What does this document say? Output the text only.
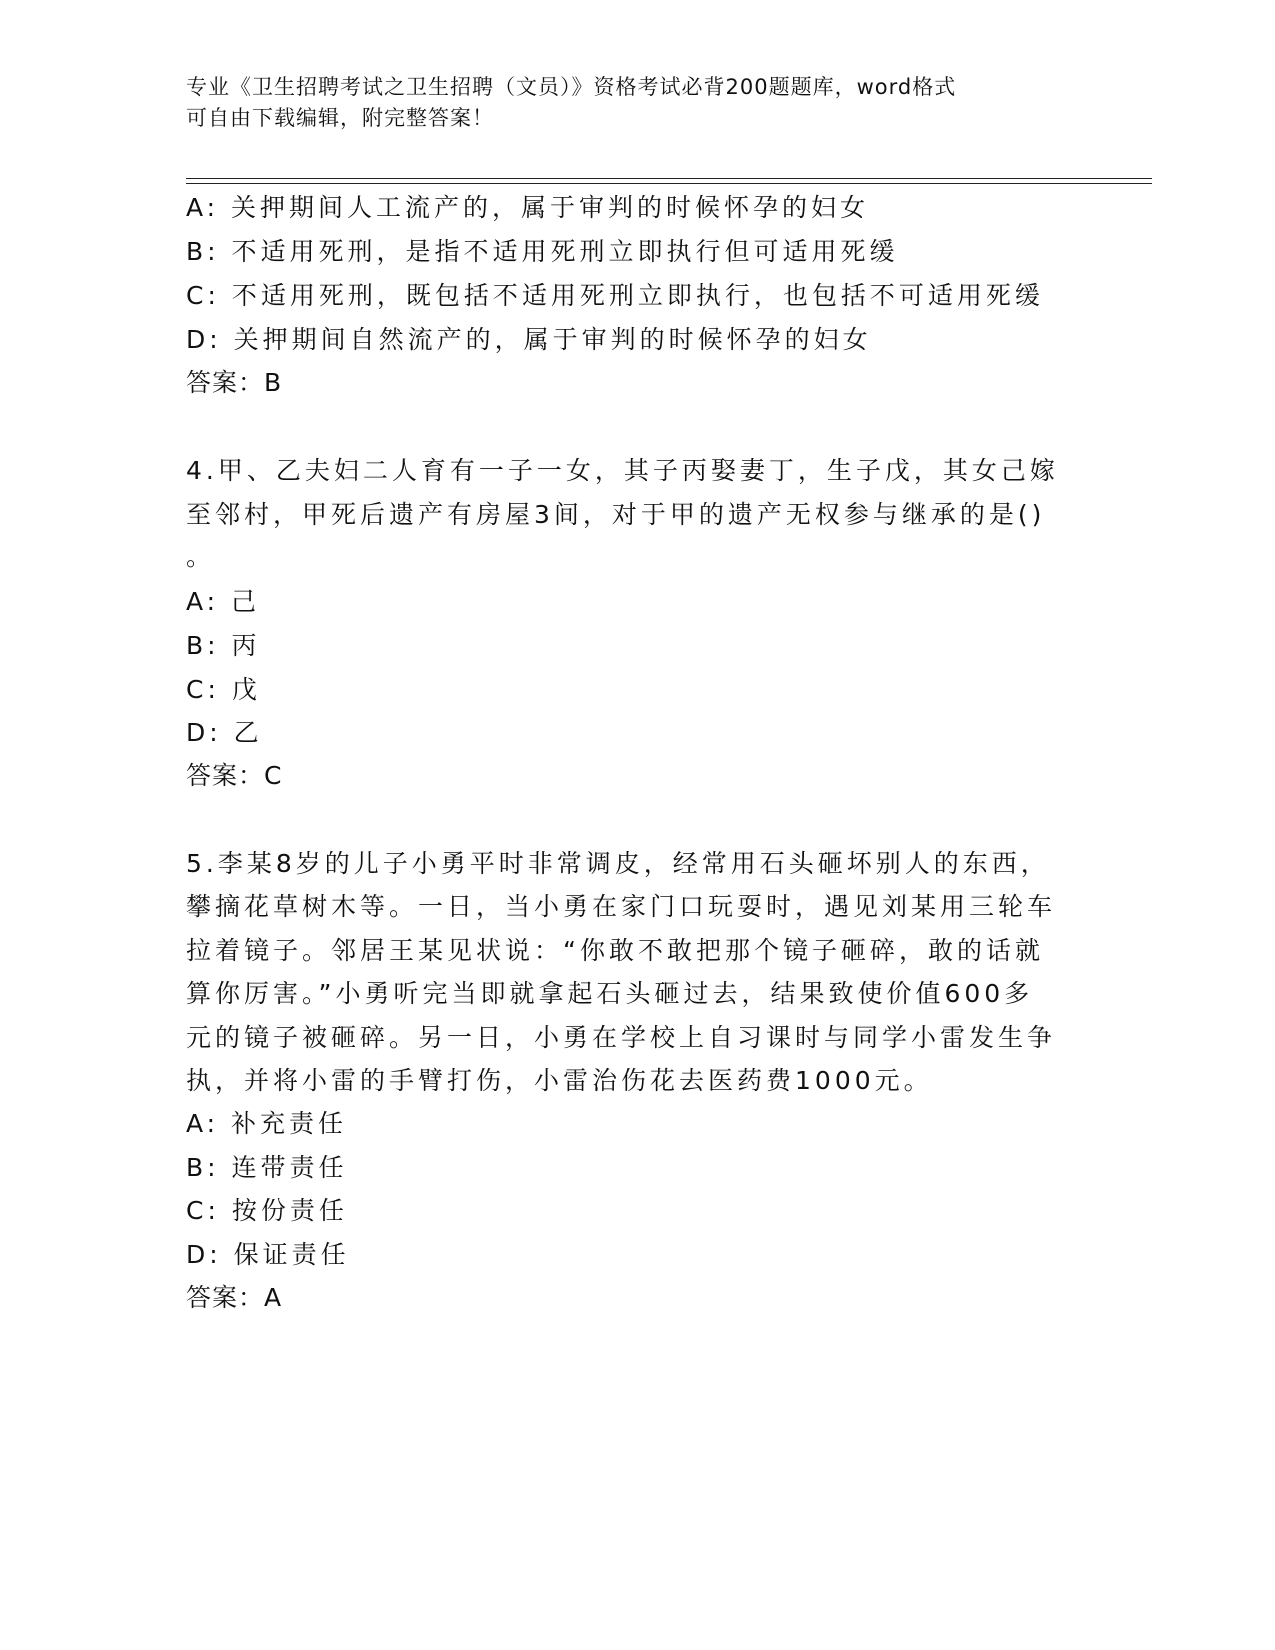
专业《卫生招聘考试之卫生招聘（文员）》资格考试必背200题题库，word格式
可自由下载编辑，附完整答案！
A: 关押期间人工流产的，属于审判的时候怀孕的妇女
B: 不适用死刑，是指不适用死刑立即执行但可适用死缓
C: 不适用死刑，既包括不适用死刑立即执行，也包括不可适用死缓
D: 关押期间自然流产的，属于审判的时候怀孕的妇女
答案：B
4.甲、乙夫妇二人育有一子一女，其子丙娶妻丁，生子戊，其女己嫁
至邻村，甲死后遗产有房屋3间，对于甲的遗产无权参与继承的是()
。
A: 己
B: 丙
C: 戊
D: 乙
答案：C
5.李某8岁的儿子小勇平时非常调皮，经常用石头砸坏别人的东西，
攀摘花草树木等。一日，当小勇在家门口玩耍时，遇见刘某用三轮车
拉着镜子。邻居王某见状说：“你敢不敢把那个镜子砸碎，敢的话就
算你厉害。”小勇听完当即就拿起石头砸过去，结果致使价值600多
元的镜子被砸碎。另一日，小勇在学校上自习课时与同学小雷发生争
执，并将小雷的手臂打伤，小雷治伤花去医药费1000元。
A: 补充责任
B: 连带责任
C: 按份责任
D: 保证责任
答案：A
